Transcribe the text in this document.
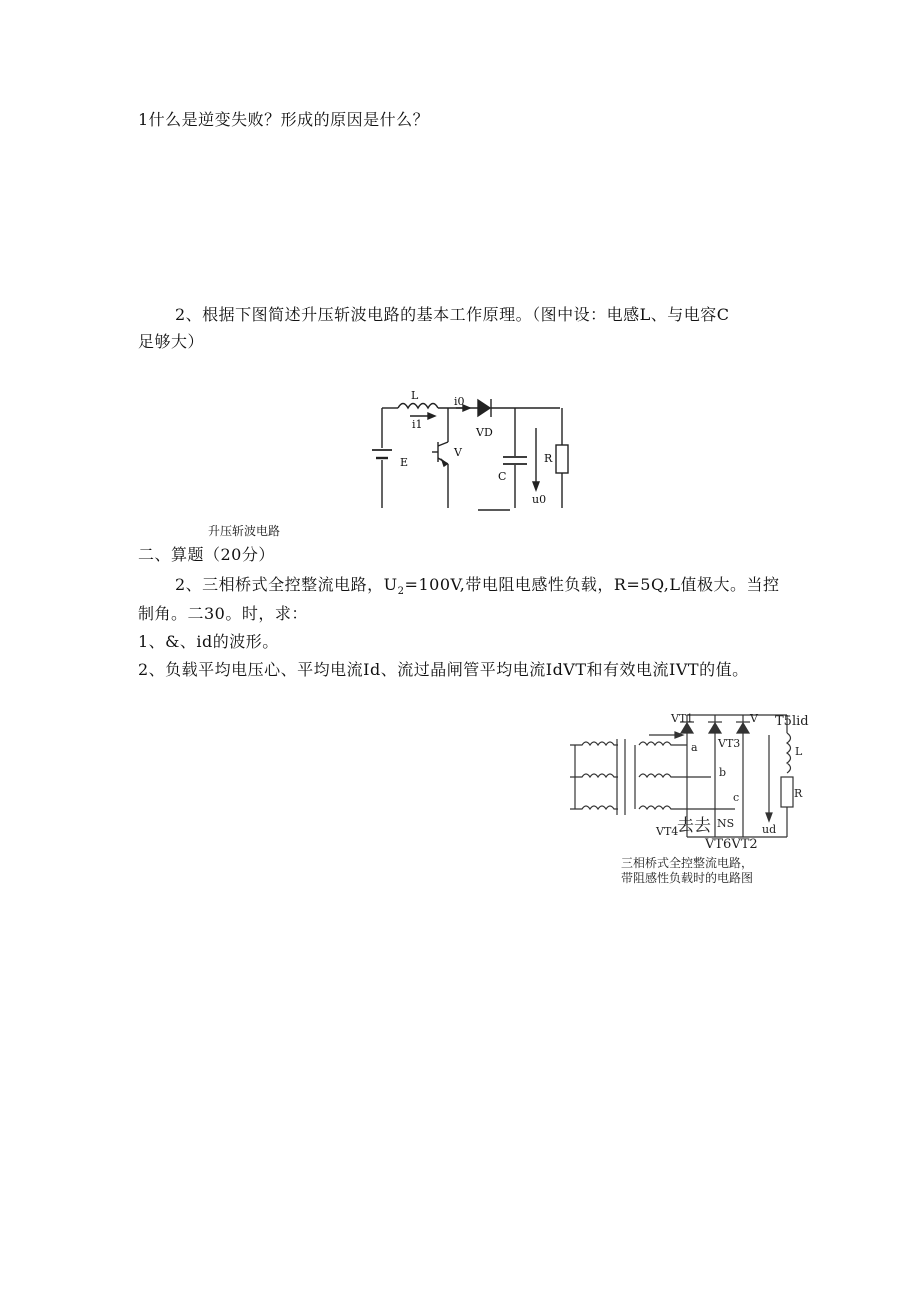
1什么是逆变失败？形成的原因是什么？
2、根据下图简述升压斩波电路的基本工作原理。（图中设：电感L、与电容C
足够大）
L
i1
i0
VD
V
E
C
R
u0
升压斩波电路
二、算题（20分）
2、三相桥式全控整流电路，$U_2=100V$,带电阻电感性负载，R=5Q,L值极大。当控
制角。二30。时，求：
1、&、id的波形。
2、负载平均电压心、平均电流Id、流过晶闸管平均电流IdVT和有效电流IVT的值。
VT1
VT3
V T5lid
a
b
c
L
R
ud
VT4
NS
去去
VT6VT2
三相桥式全控整流电路，
带阻感性负载时的电路图
